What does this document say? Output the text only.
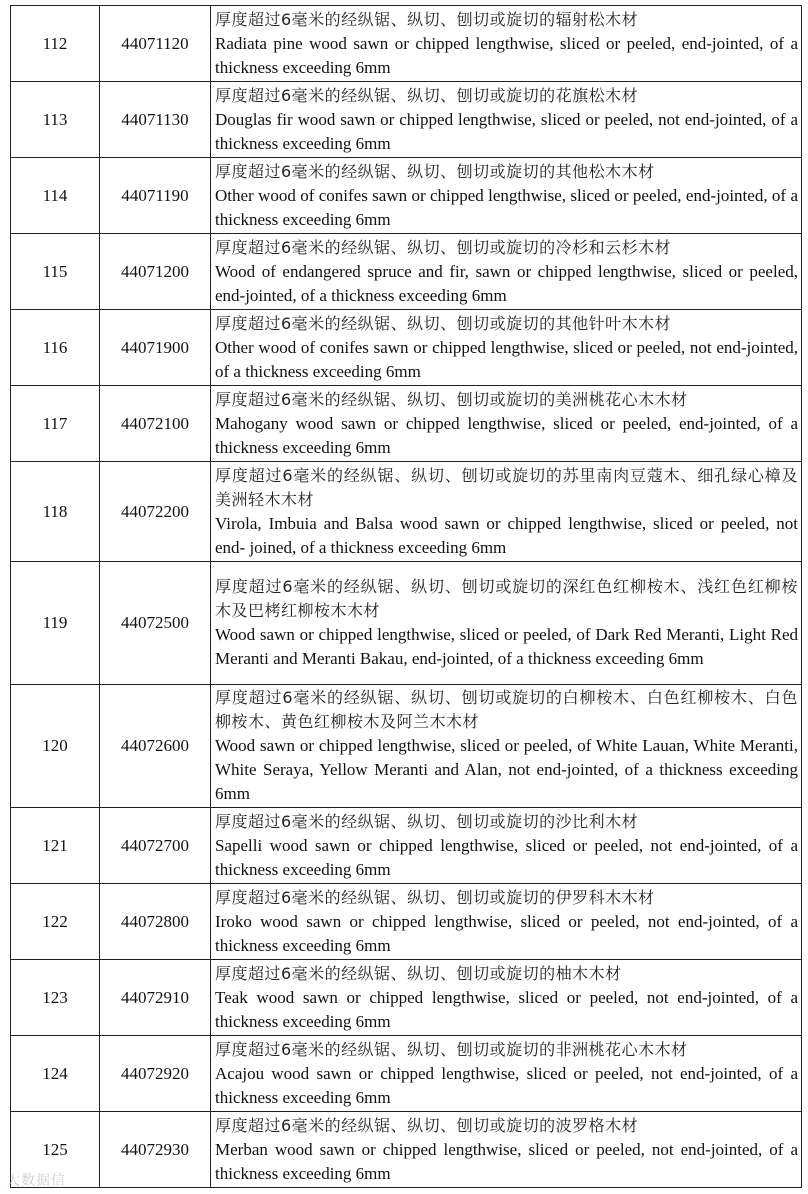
112	44071120	厚度超过6毫米的经纵锯、纵切、刨切或旋切的辐射松木材
Radiata pine wood sawn or chipped lengthwise, sliced or peeled, end-jointed, of a thickness exceeding 6mm

113	44071130	厚度超过6毫米的经纵锯、纵切、刨切或旋切的花旗松木材
Douglas fir wood sawn or chipped lengthwise, sliced or peeled, not end-jointed, of a thickness exceeding 6mm

114	44071190	厚度超过6毫米的经纵锯、纵切、刨切或旋切的其他松木木材
Other wood of conifes sawn or chipped lengthwise, sliced or peeled, end-jointed, of a thickness exceeding 6mm

115	44071200	厚度超过6毫米的经纵锯、纵切、刨切或旋切的冷杉和云杉木材
Wood of endangered spruce and fir, sawn or chipped lengthwise, sliced or peeled, end-jointed, of a thickness exceeding 6mm

116	44071900	厚度超过6毫米的经纵锯、纵切、刨切或旋切的其他针叶木木材
Other wood of conifes sawn or chipped lengthwise, sliced or peeled, not end-jointed, of a thickness exceeding 6mm

117	44072100	厚度超过6毫米的经纵锯、纵切、刨切或旋切的美洲桃花心木木材
Mahogany wood sawn or chipped lengthwise, sliced or peeled, end-jointed, of a thickness exceeding 6mm

118	44072200	厚度超过6毫米的经纵锯、纵切、刨切或旋切的苏里南肉豆蔻木、细孔绿心樟及美洲轻木木材
Virola, Imbuia and Balsa wood sawn or chipped lengthwise, sliced or peeled, not end- joined, of a thickness exceeding 6mm

119	44072500	厚度超过6毫米的经纵锯、纵切、刨切或旋切的深红色红柳桉木、浅红色红柳桉木及巴栲红柳桉木木材
Wood sawn or chipped lengthwise, sliced or peeled, of Dark Red Meranti, Light Red Meranti and Meranti Bakau, end-jointed, of a thickness exceeding 6mm

120	44072600	厚度超过6毫米的经纵锯、纵切、刨切或旋切的白柳桉木、白色红柳桉木、白色柳桉木、黄色红柳桉木及阿兰木木材
Wood sawn or chipped lengthwise, sliced or peeled, of White Lauan, White Meranti, White Seraya, Yellow Meranti and Alan, not end-jointed, of a thickness exceeding 6mm

121	44072700	厚度超过6毫米的经纵锯、纵切、刨切或旋切的沙比利木材
Sapelli wood sawn or chipped lengthwise, sliced or peeled, not end-jointed, of a thickness exceeding 6mm

122	44072800	厚度超过6毫米的经纵锯、纵切、刨切或旋切的伊罗科木木材
Iroko wood sawn or chipped lengthwise, sliced or peeled, not end-jointed, of a thickness exceeding 6mm

123	44072910	厚度超过6毫米的经纵锯、纵切、刨切或旋切的柚木木材
Teak wood sawn or chipped lengthwise, sliced or peeled, not end-jointed, of a thickness exceeding 6mm

124	44072920	厚度超过6毫米的经纵锯、纵切、刨切或旋切的非洲桃花心木木材
Acajou wood sawn or chipped lengthwise, sliced or peeled, not end-jointed, of a thickness exceeding 6mm

125	44072930	厚度超过6毫米的经纵锯、纵切、刨切或旋切的波罗格木材
Merban wood sawn or chipped lengthwise, sliced or peeled, not end-jointed, of a thickness exceeding 6mm
大数据信
